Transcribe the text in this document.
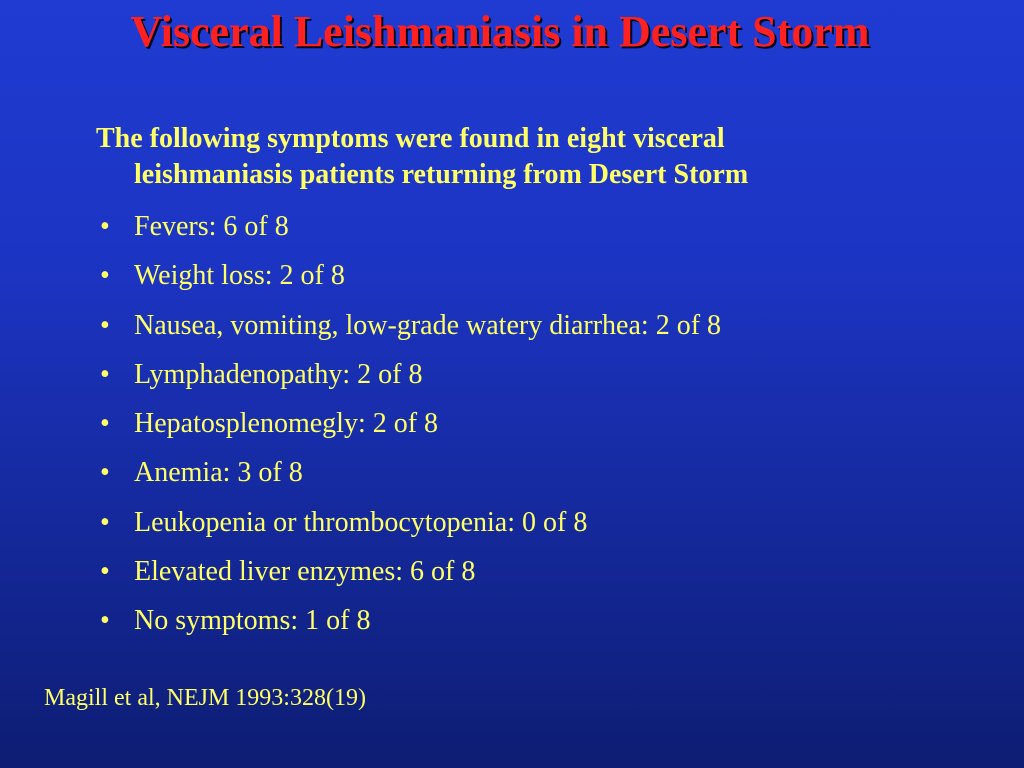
Visceral Leishmaniasis in Desert Storm
The following symptoms were found in eight visceral
leishmaniasis patients returning from Desert Storm
• Fevers: 6 of 8
• Weight loss: 2 of 8
• Nausea, vomiting, low-grade watery diarrhea: 2 of 8
• Lymphadenopathy: 2 of 8
• Hepatosplenomegly: 2 of 8
• Anemia: 3 of 8
• Leukopenia or thrombocytopenia: 0 of 8
• Elevated liver enzymes: 6 of 8
• No symptoms: 1 of 8
Magill et al, NEJM 1993:328(19)
